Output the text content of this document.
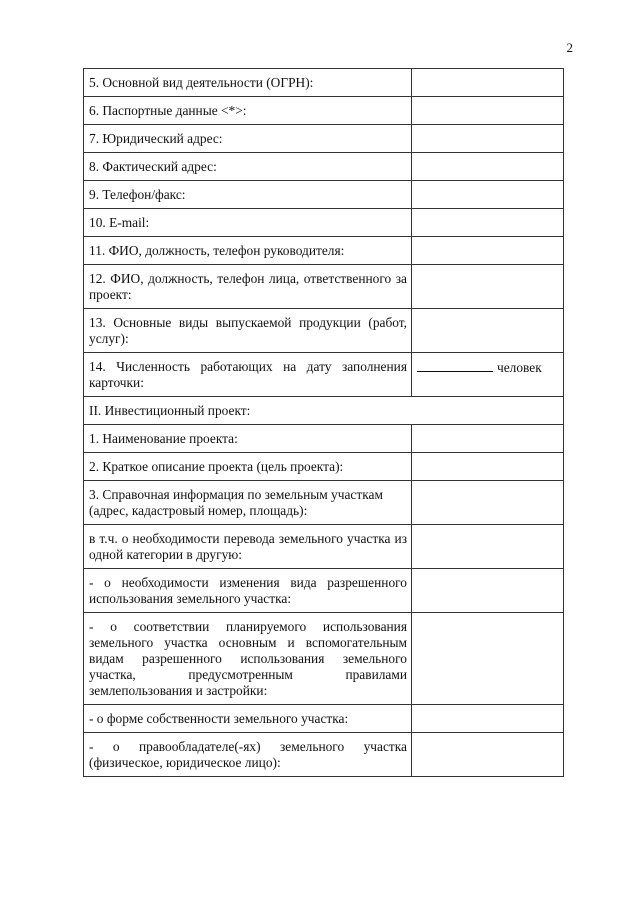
2
5. Основной вид деятельности (ОГРН):	
6. Паспортные данные <*>:	
7. Юридический адрес:	
8. Фактический адрес:	
9. Телефон/факс:	
10. E-mail:	
11. ФИО, должность, телефон руководителя:	
12. ФИО, должность, телефон лица, ответственного за проект:	
13. Основные виды выпускаемой продукции (работ, услуг):	
14. Численность работающих на дату заполнения карточки:	человек
II. Инвестиционный проект:	
1. Наименование проекта:	
2. Краткое описание проекта (цель проекта):	
3. Справочная информация по земельным участкам (адрес, кадастровый номер, площадь):	
в т.ч. о необходимости перевода земельного участка из одной категории в другую:	
- о необходимости изменения вида разрешенного использования земельного участка:	
- о соответствии планируемого использования земельного участка основным и вспомогательным видам разрешенного использования земельного участка, предусмотренным правилами землепользования и застройки:	
- о форме собственности земельного участка:	
- о правообладателе(-ях) земельного участка (физическое, юридическое лицо):	
